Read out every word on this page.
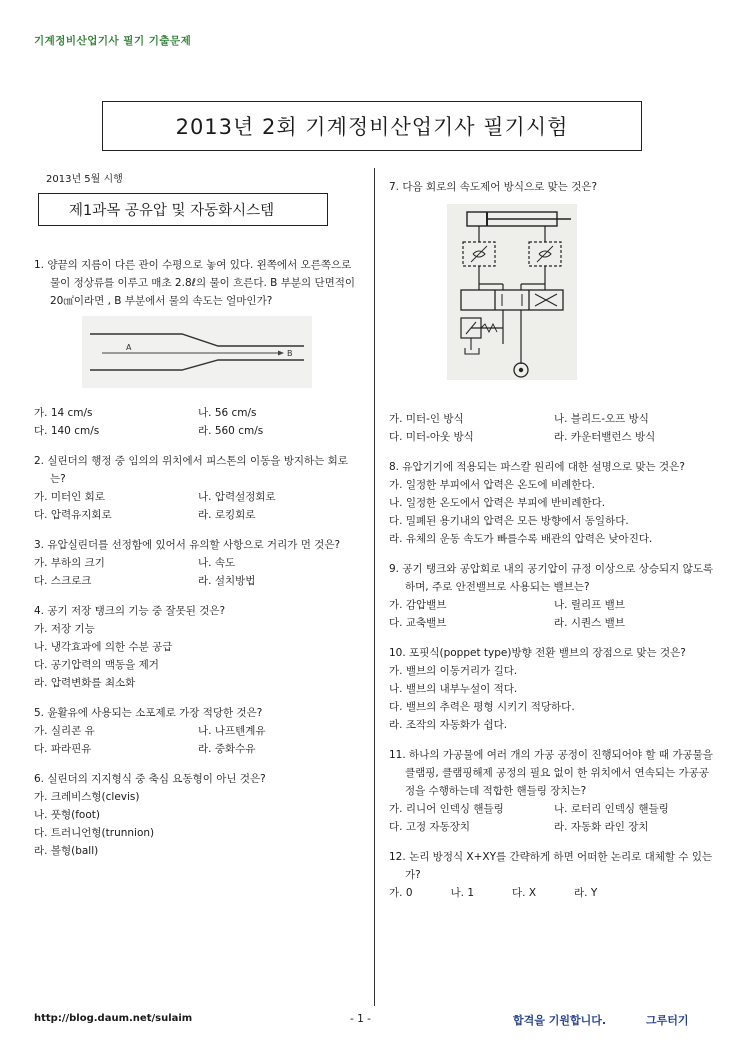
기계정비산업기사 필기 기출문제
2013년 2회 기계정비산업기사 필기시험
2013년 5월 시행
제1과목 공유압 및 자동화시스템
1. 양끝의 지름이 다른 관이 수평으로 놓여 있다. 왼쪽에서 오른쪽으로 물이 정상류를 이루고 매초 2.8ℓ의 물이 흐른다. B 부분의 단면적이 20㎠이라면 , B 부분에서 물의 속도는 얼마인가?
A
B
가. 14 cm/s	나. 56 cm/s
다. 140 cm/s	라. 560 cm/s
2. 실린더의 행정 중 임의의 위치에서 피스톤의 이동을 방지하는 회로는?
가. 미터인 회로	나. 압력설정회로
다. 압력유지회로	라. 로킹회로
3. 유압실린더를 선정함에 있어서 유의할 사항으로 거리가 먼 것은?
가. 부하의 크기	나. 속도
다. 스크로크	라. 설치방법
4. 공기 저장 탱크의 기능 중 잘못된 것은?
가. 저장 기능
나. 냉각효과에 의한 수분 공급
다. 공기압력의 맥동을 제거
라. 압력변화를 최소화
5. 윤활유에 사용되는 소포제로 가장 적당한 것은?
가. 실리콘 유	나. 나프텐계유
다. 파라핀유	라. 중화수유
6. 실린더의 지지형식 중 축심 요동형이 아닌 것은?
가. 크레비스형(clevis)
나. 풋형(foot)
다. 트러니언형(trunnion)
라. 볼형(ball)
7. 다음 회로의 속도제어 방식으로 맞는 것은?
가. 미터-인 방식	나. 블리드-오프 방식
다. 미터-아웃 방식	라. 카운터밸런스 방식
8. 유압기기에 적용되는 파스칼 원리에 대한 설명으로 맞는 것은?
가. 일정한 부피에서 압력은 온도에 비례한다.
나. 일정한 온도에서 압력은 부피에 반비례한다.
다. 밀폐된 용기내의 압력은 모든 방향에서 동일하다.
라. 유체의 운동 속도가 빠를수록 배관의 압력은 낮아진다.
9. 공기 탱크와 공압회로 내의 공기압이 규정 이상으로 상승되지 않도록 하며, 주로 안전밸브로 사용되는 밸브는?
가. 감압밸브	나. 릴리프 밸브
다. 교축밸브	라. 시퀀스 밸브
10. 포핏식(poppet type)방향 전환 밸브의 장점으로 맞는 것은?
가. 밸브의 이동거리가 길다.
나. 밸브의 내부누설이 적다.
다. 밸브의 추력은 평형 시키기 적당하다.
라. 조작의 자동화가 쉽다.
11. 하나의 가공물에 여러 개의 가공 공정이 진행되어야 할 때 가공물을 클램핑, 클램핑해제 공정의 필요 없이 한 위치에서 연속되는 가공공정을 수행하는데 적합한 핸들링 장치는?
가. 리니어 인덱싱 핸들링	나. 로터리 인덱싱 핸들링
다. 고정 자동장치	라. 자동화 라인 장치
12. 논리 방정식 X+XY를 간략하게 하면 어떠한 논리로 대체할 수 있는가?
가. 0	나. 1	다. X	라. Y
http://blog.daum.net/sulaim	- 1 -	합격을 기원합니다.	그루터기
